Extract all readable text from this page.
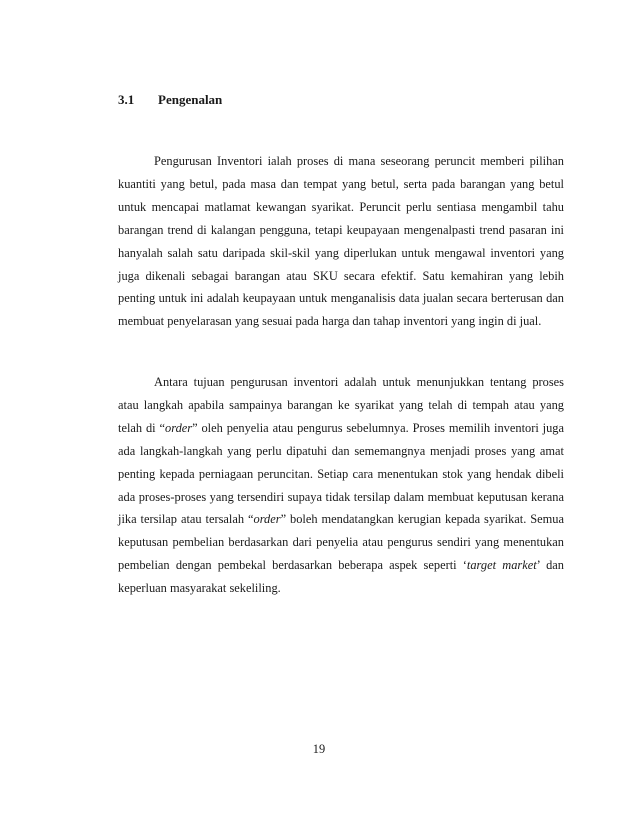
3.1 Pengenalan
Pengurusan Inventori ialah proses di mana seseorang peruncit memberi pilihan kuantiti yang betul, pada masa dan tempat yang betul, serta pada barangan yang betul untuk mencapai matlamat kewangan syarikat. Peruncit perlu sentiasa mengambil tahu barangan trend di kalangan pengguna, tetapi keupayaan mengenalpasti trend pasaran ini hanyalah salah satu daripada skil-skil yang diperlukan untuk mengawal inventori yang juga dikenali sebagai barangan atau SKU secara efektif. Satu kemahiran yang lebih penting untuk ini adalah keupayaan untuk menganalisis data jualan secara berterusan dan membuat penyelarasan yang sesuai pada harga dan tahap inventori yang ingin di jual.
Antara tujuan pengurusan inventori adalah untuk menunjukkan tentang proses atau langkah apabila sampainya barangan ke syarikat yang telah di tempah atau yang telah di “order” oleh penyelia atau pengurus sebelumnya. Proses memilih inventori juga ada langkah-langkah yang perlu dipatuhi dan sememangnya menjadi proses yang amat penting kepada perniagaan peruncitan. Setiap cara menentukan stok yang hendak dibeli ada proses-proses yang tersendiri supaya tidak tersilap dalam membuat keputusan kerana jika tersilap atau tersalah “order” boleh mendatangkan kerugian kepada syarikat. Semua keputusan pembelian berdasarkan dari penyelia atau pengurus sendiri yang menentukan pembelian dengan pembekal berdasarkan beberapa aspek seperti ‘target market’ dan keperluan masyarakat sekeliling.
19
